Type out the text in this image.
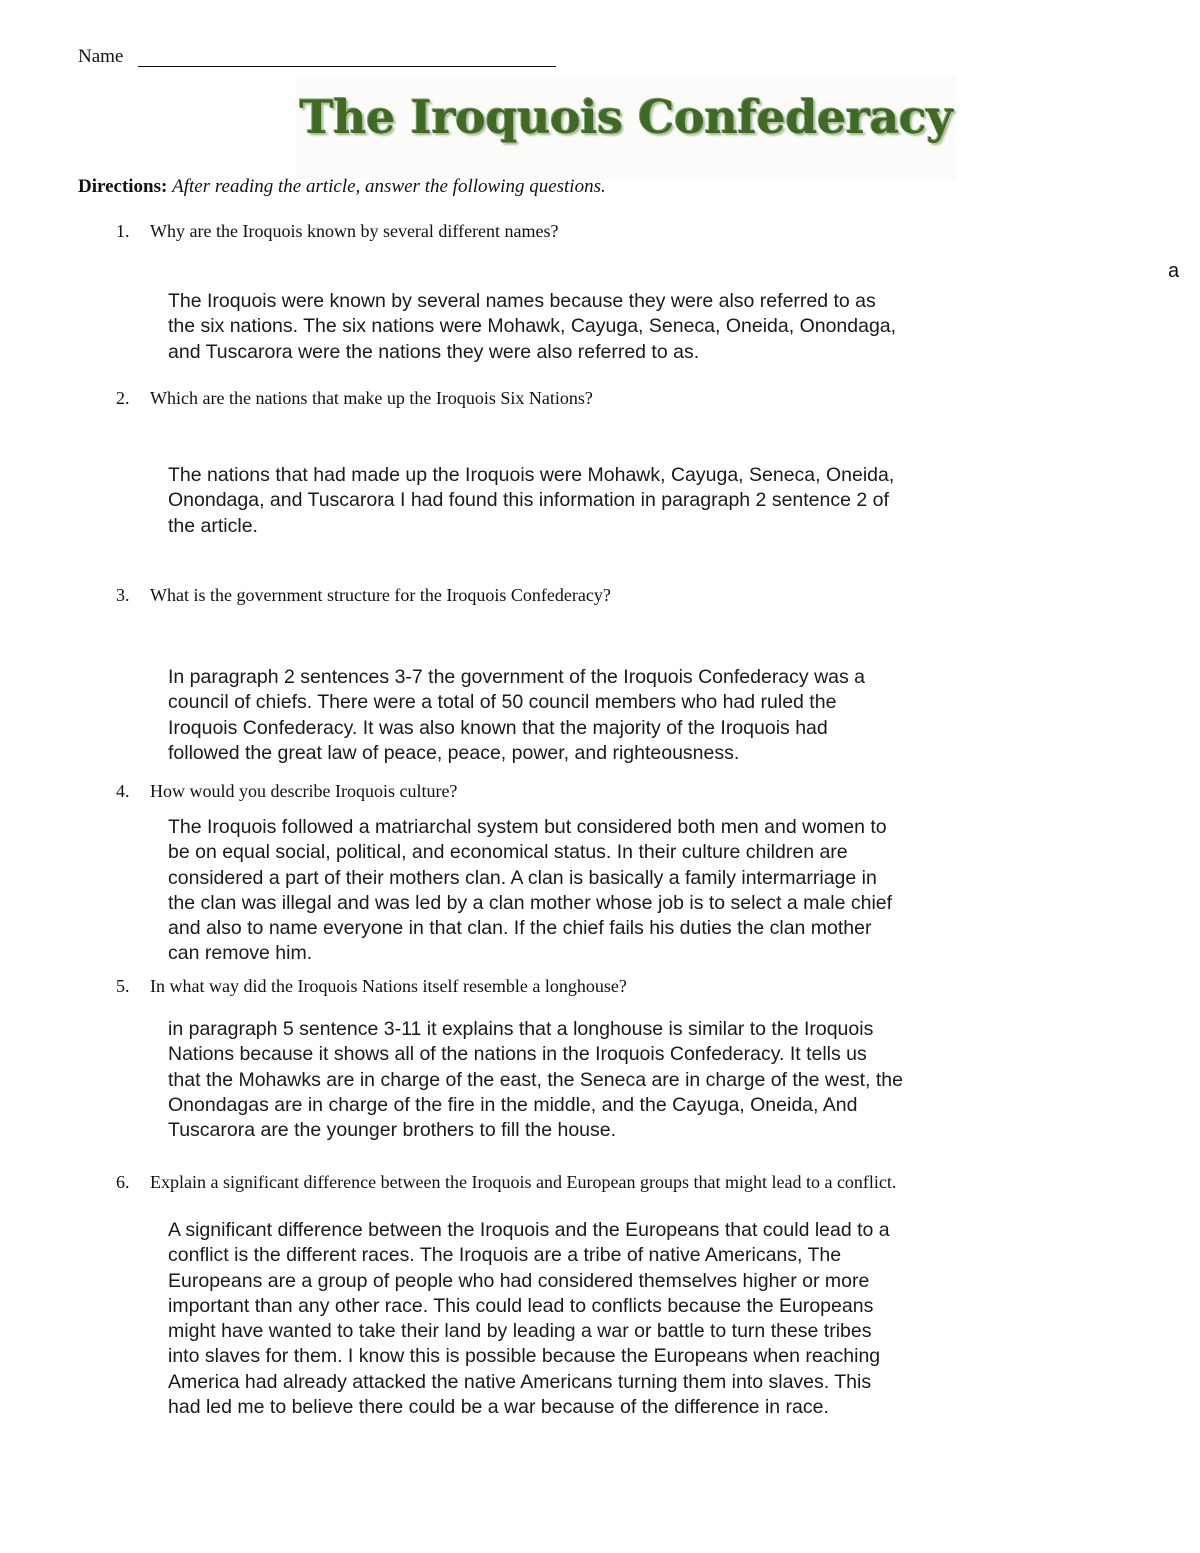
Name
The Iroquois Confederacy
Directions: After reading the article, answer the following questions.
a
1. Why are the Iroquois known by several different names?
The Iroquois were known by several names because they were also referred to as
the six nations. The six nations were Mohawk, Cayuga, Seneca, Oneida, Onondaga,
and Tuscarora were the nations they were also referred to as.
2. Which are the nations that make up the Iroquois Six Nations?
The nations that had made up the Iroquois were Mohawk, Cayuga, Seneca, Oneida,
Onondaga, and Tuscarora I had found this information in paragraph 2 sentence 2 of
the article.
3. What is the government structure for the Iroquois Confederacy?
In paragraph 2 sentences 3-7 the government of the Iroquois Confederacy was a
council of chiefs. There were a total of 50 council members who had ruled the
Iroquois Confederacy. It was also known that the majority of the Iroquois had
followed the great law of peace, peace, power, and righteousness.
4. How would you describe Iroquois culture?
The Iroquois followed a matriarchal system but considered both men and women to
be on equal social, political, and economical status. In their culture children are
considered a part of their mothers clan. A clan is basically a family intermarriage in
the clan was illegal and was led by a clan mother whose job is to select a male chief
and also to name everyone in that clan. If the chief fails his duties the clan mother
can remove him.
5. In what way did the Iroquois Nations itself resemble a longhouse?
in paragraph 5 sentence 3-11 it explains that a longhouse is similar to the Iroquois
Nations because it shows all of the nations in the Iroquois Confederacy. It tells us
that the Mohawks are in charge of the east, the Seneca are in charge of the west, the
Onondagas are in charge of the fire in the middle, and the Cayuga, Oneida, And
Tuscarora are the younger brothers to fill the house.
6. Explain a significant difference between the Iroquois and European groups that might lead to a conflict.
A significant difference between the Iroquois and the Europeans that could lead to a
conflict is the different races. The Iroquois are a tribe of native Americans, The
Europeans are a group of people who had considered themselves higher or more
important than any other race. This could lead to conflicts because the Europeans
might have wanted to take their land by leading a war or battle to turn these tribes
into slaves for them. I know this is possible because the Europeans when reaching
America had already attacked the native Americans turning them into slaves. This
had led me to believe there could be a war because of the difference in race.
